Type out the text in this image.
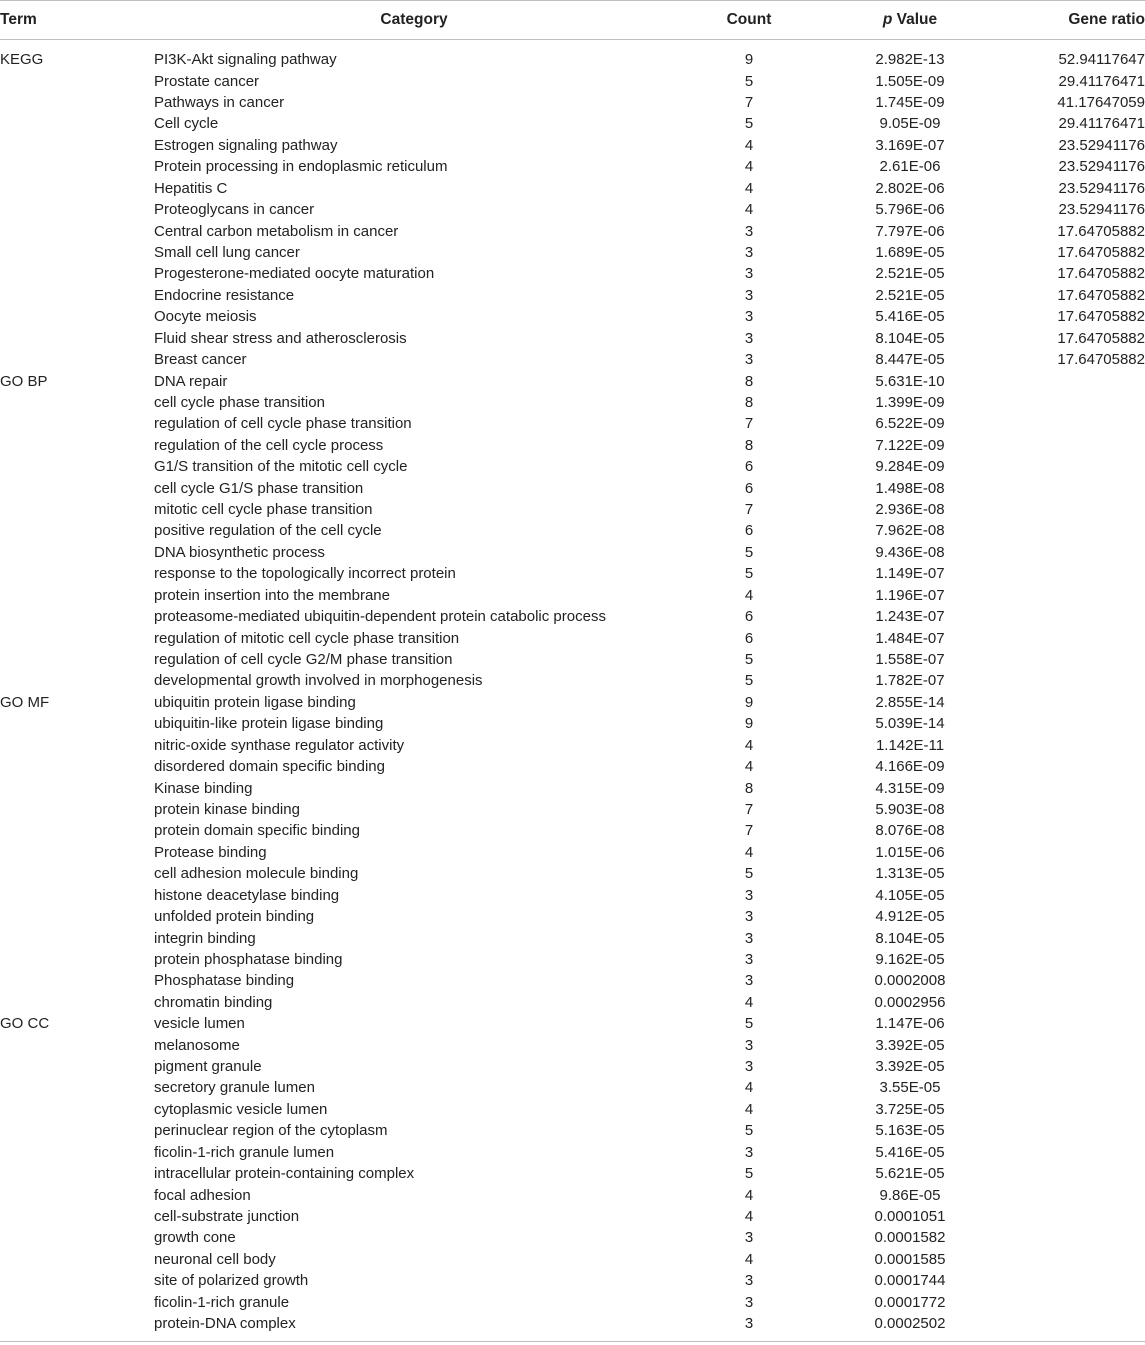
Term	Category	Count	p Value	Gene ratio

KEGG	PI3K-Akt signaling pathway	9	2.982E-13	52.94117647
	Prostate cancer	5	1.505E-09	29.41176471
	Pathways in cancer	7	1.745E-09	41.17647059
	Cell cycle	5	9.05E-09	29.41176471
	Estrogen signaling pathway	4	3.169E-07	23.52941176
	Protein processing in endoplasmic reticulum	4	2.61E-06	23.52941176
	Hepatitis C	4	2.802E-06	23.52941176
	Proteoglycans in cancer	4	5.796E-06	23.52941176
	Central carbon metabolism in cancer	3	7.797E-06	17.64705882
	Small cell lung cancer	3	1.689E-05	17.64705882
	Progesterone-mediated oocyte maturation	3	2.521E-05	17.64705882
	Endocrine resistance	3	2.521E-05	17.64705882
	Oocyte meiosis	3	5.416E-05	17.64705882
	Fluid shear stress and atherosclerosis	3	8.104E-05	17.64705882
	Breast cancer	3	8.447E-05	17.64705882
GO BP	DNA repair	8	5.631E-10	
	cell cycle phase transition	8	1.399E-09	
	regulation of cell cycle phase transition	7	6.522E-09	
	regulation of the cell cycle process	8	7.122E-09	
	G1/S transition of the mitotic cell cycle	6	9.284E-09	
	cell cycle G1/S phase transition	6	1.498E-08	
	mitotic cell cycle phase transition	7	2.936E-08	
	positive regulation of the cell cycle	6	7.962E-08	
	DNA biosynthetic process	5	9.436E-08	
	response to the topologically incorrect protein	5	1.149E-07	
	protein insertion into the membrane	4	1.196E-07	
	proteasome-mediated ubiquitin-dependent protein catabolic process	6	1.243E-07	
	regulation of mitotic cell cycle phase transition	6	1.484E-07	
	regulation of cell cycle G2/M phase transition	5	1.558E-07	
	developmental growth involved in morphogenesis	5	1.782E-07	
GO MF	ubiquitin protein ligase binding	9	2.855E-14	
	ubiquitin-like protein ligase binding	9	5.039E-14	
	nitric-oxide synthase regulator activity	4	1.142E-11	
	disordered domain specific binding	4	4.166E-09	
	Kinase binding	8	4.315E-09	
	protein kinase binding	7	5.903E-08	
	protein domain specific binding	7	8.076E-08	
	Protease binding	4	1.015E-06	
	cell adhesion molecule binding	5	1.313E-05	
	histone deacetylase binding	3	4.105E-05	
	unfolded protein binding	3	4.912E-05	
	integrin binding	3	8.104E-05	
	protein phosphatase binding	3	9.162E-05	
	Phosphatase binding	3	0.0002008	
	chromatin binding	4	0.0002956	
GO CC	vesicle lumen	5	1.147E-06	
	melanosome	3	3.392E-05	
	pigment granule	3	3.392E-05	
	secretory granule lumen	4	3.55E-05	
	cytoplasmic vesicle lumen	4	3.725E-05	
	perinuclear region of the cytoplasm	5	5.163E-05	
	ficolin-1-rich granule lumen	3	5.416E-05	
	intracellular protein-containing complex	5	5.621E-05	
	focal adhesion	4	9.86E-05	
	cell-substrate junction	4	0.0001051	
	growth cone	3	0.0001582	
	neuronal cell body	4	0.0001585	
	site of polarized growth	3	0.0001744	
	ficolin-1-rich granule	3	0.0001772	
	protein-DNA complex	3	0.0002502	
